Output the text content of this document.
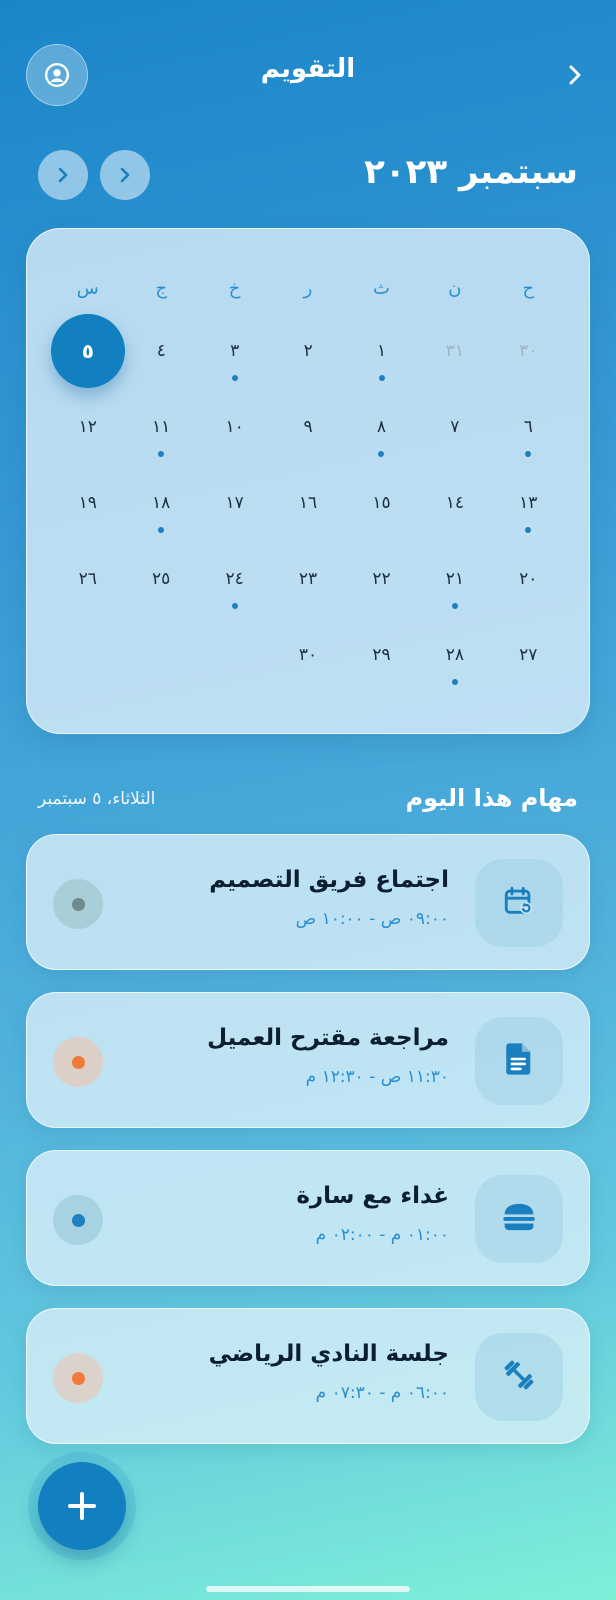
التقويم
سبتمبر ٢٠٢٣
ح
ن
ث
ر
خ
ج
س
٣٠
٣١
١
٢
٣
٤
٥
٦
٧
٨
٩
١٠
١١
١٢
١٣
١٤
١٥
١٦
١٧
١٨
١٩
٢٠
٢١
٢٢
٢٣
٢٤
٢٥
٢٦
٢٧
٢٨
٢٩
٣٠
مهام هذا اليوم
الثلاثاء، ٥ سبتمبر
اجتماع فريق التصميم
٠٩:٠٠ ص - ١٠:٠٠ ص
مراجعة مقترح العميل
١١:٣٠ ص - ١٢:٣٠ م
غداء مع سارة
٠١:٠٠ م - ٠٢:٠٠ م
جلسة النادي الرياضي
٠٦:٠٠ م - ٠٧:٣٠ م
